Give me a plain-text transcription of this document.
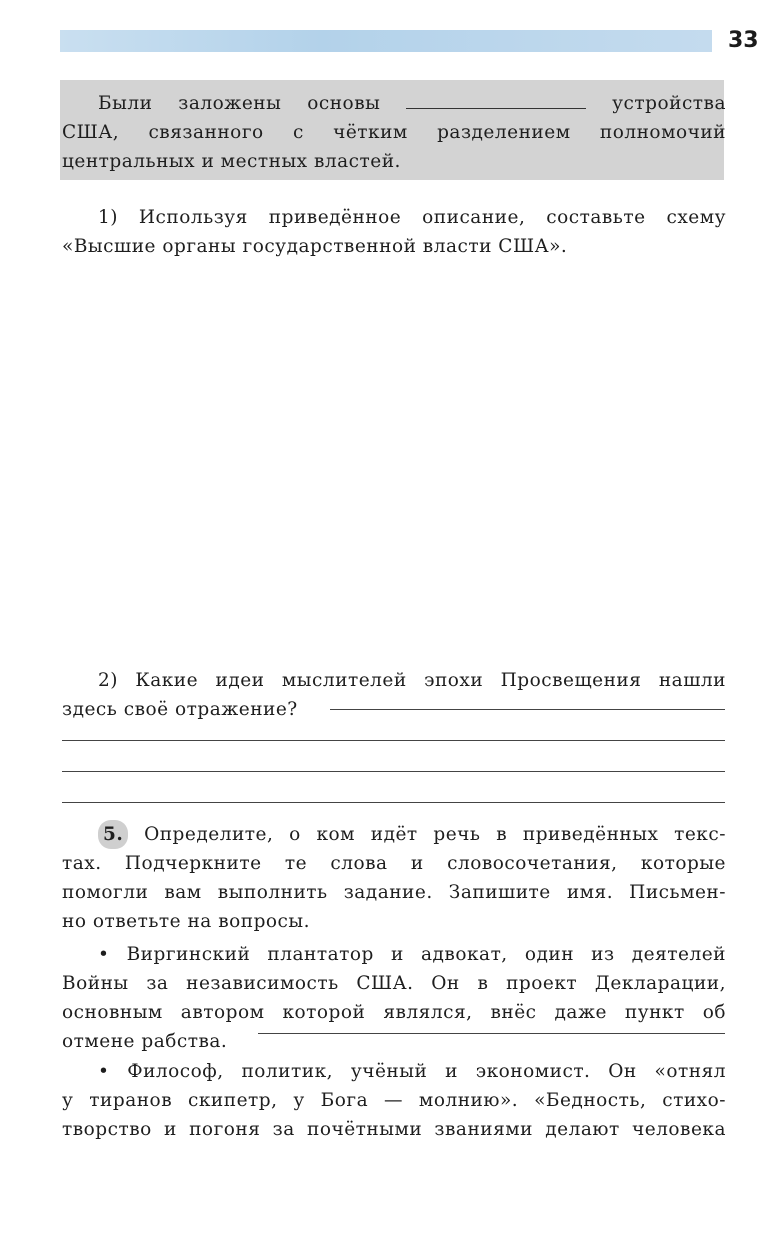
33
Были заложены основы	устройства
США, связанного с чётким разделением полномочий
центральных и местных властей.
1) Используя приведённое описание, составьте схему
«Высшие органы государственной власти США».
2) Какие идеи мыслителей эпохи Просвещения нашли
здесь своё отражение?
5. Определите, о ком идёт речь в приведённых текс-
тах. Подчеркните те слова и словосочетания, которые
помогли вам выполнить задание. Запишите имя. Письмен-
но ответьте на вопросы.
• Виргинский плантатор и адвокат, один из деятелей
Войны за независимость США. Он в проект Декларации,
основным автором которой являлся, внёс даже пункт об
отмене рабства.
• Философ, политик, учёный и экономист. Он «отнял
у тиранов скипетр, у Бога — молнию». «Бедность, стихо-
творство и погоня за почётными званиями делают человека
